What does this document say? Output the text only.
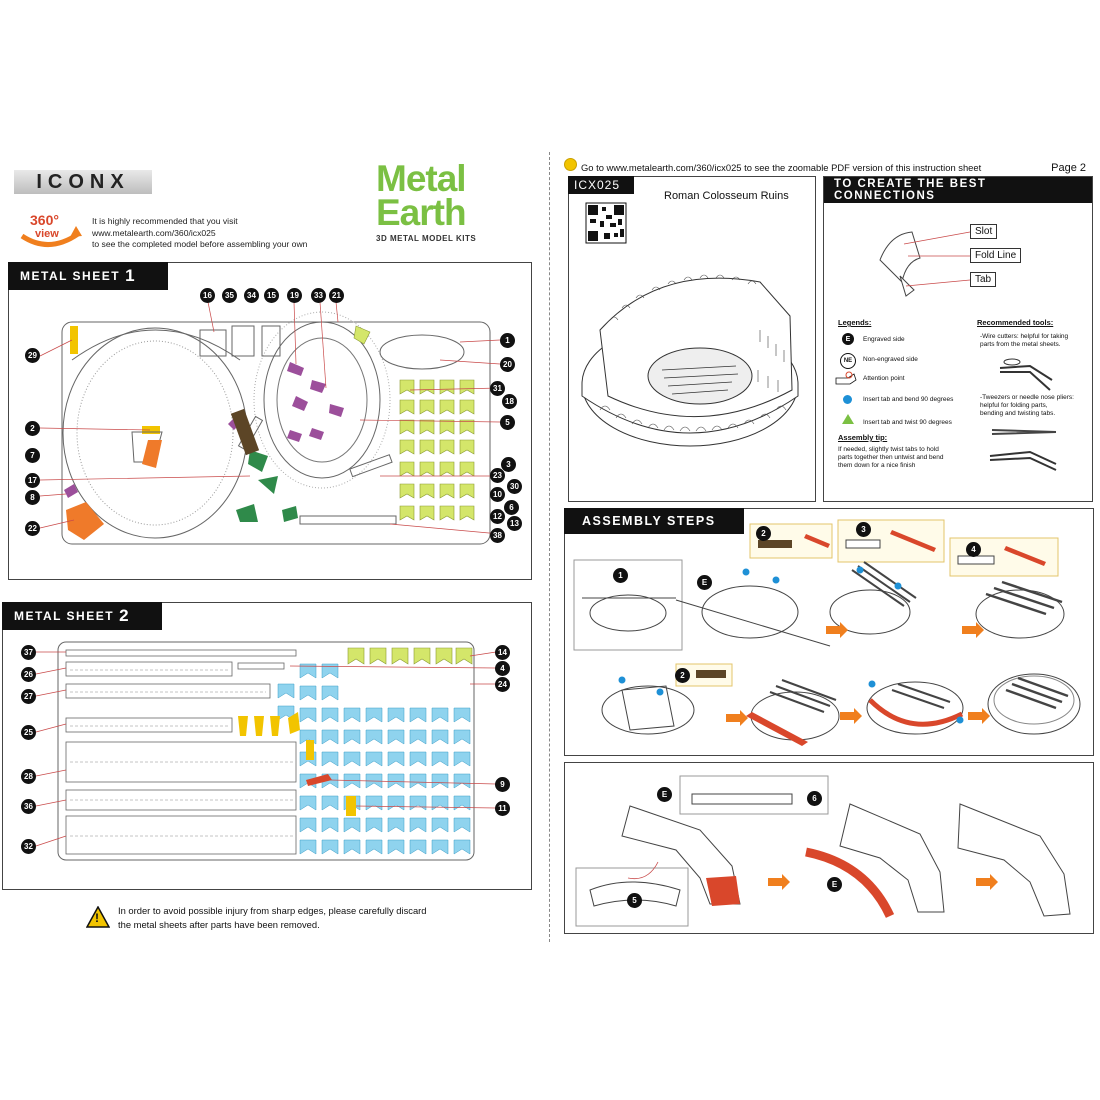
ICONX	Metal
Earth
3D METAL MODEL KITS
360°
view
It is highly recommended that you visit
www.metalearth.com/360/icx025
to see the completed model before assembling your own
METAL SHEET 1
16	35	34	15	19	33	21
1
20
31
18
5
3
23
30
10
6
12
13
38
29
2
7
17
8
22
METAL SHEET 2
37
26
27
25
28
36
32
14
4
24
9
11
!
In order to avoid possible injury from sharp edges, please carefully discard
the metal sheets after parts have been removed.
Go to www.metalearth.com/360/icx025 to see the zoomable PDF version of this instruction sheet	Page 2
ICX025
Roman Colosseum Ruins
TO CREATE THE BEST CONNECTIONS
Slot
Fold Line
Tab
Legends:
E	Engraved side
NE	Non-engraved side
Attention point
Insert tab and bend 90 degrees
Insert tab and twist 90 degrees
Assembly tip:
If needed, slightly twist tabs to hold
parts together then untwist and bend
them down for a nice finish
Recommended tools:
-Wire cutters: helpful for taking
parts from the metal sheets.
-Tweezers or needle nose pliers:
helpful for folding parts,
bending and twisting tabs.
ASSEMBLY STEPS
1
2	3
4
2
E
E	6
5
E
